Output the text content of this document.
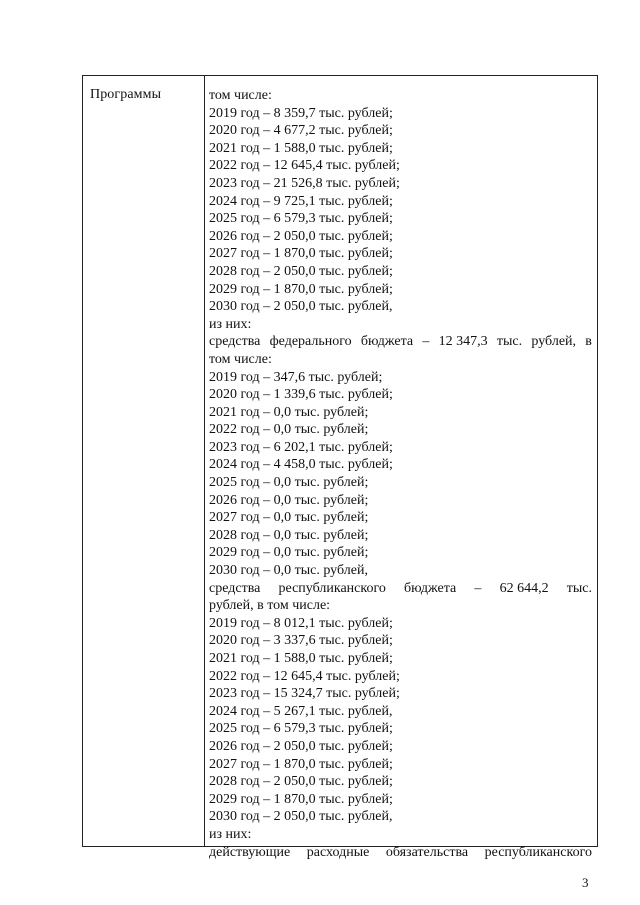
Программы	том числе:
2019 год – 8 359,7 тыс. рублей;
2020 год – 4 677,2 тыс. рублей;
2021 год – 1 588,0 тыс. рублей;
2022 год – 12 645,4 тыс. рублей;
2023 год – 21 526,8 тыс. рублей;
2024 год – 9 725,1 тыс. рублей;
2025 год – 6 579,3 тыс. рублей;
2026 год – 2 050,0 тыс. рублей;
2027 год – 1 870,0 тыс. рублей;
2028 год – 2 050,0 тыс. рублей;
2029 год – 1 870,0 тыс. рублей;
2030 год – 2 050,0 тыс. рублей,
из них:
средства федерального бюджета – 12 347,3 тыс. рублей, в
том числе:
2019 год – 347,6 тыс. рублей;
2020 год – 1 339,6 тыс. рублей;
2021 год – 0,0 тыс. рублей;
2022 год – 0,0 тыс. рублей;
2023 год – 6 202,1 тыс. рублей;
2024 год – 4 458,0 тыс. рублей;
2025 год – 0,0 тыс. рублей;
2026 год – 0,0 тыс. рублей;
2027 год – 0,0 тыс. рублей;
2028 год – 0,0 тыс. рублей;
2029 год – 0,0 тыс. рублей;
2030 год – 0,0 тыс. рублей,
средства республиканского бюджета – 62 644,2 тыс.
рублей, в том числе:
2019 год – 8 012,1 тыс. рублей;
2020 год – 3 337,6 тыс. рублей;
2021 год – 1 588,0 тыс. рублей;
2022 год – 12 645,4 тыс. рублей;
2023 год – 15 324,7 тыс. рублей;
2024 год – 5 267,1 тыс. рублей,
2025 год – 6 579,3 тыс. рублей;
2026 год – 2 050,0 тыс. рублей;
2027 год – 1 870,0 тыс. рублей;
2028 год – 2 050,0 тыс. рублей;
2029 год – 1 870,0 тыс. рублей;
2030 год – 2 050,0 тыс. рублей,
из них:
действующие расходные обязательства республиканского
3
